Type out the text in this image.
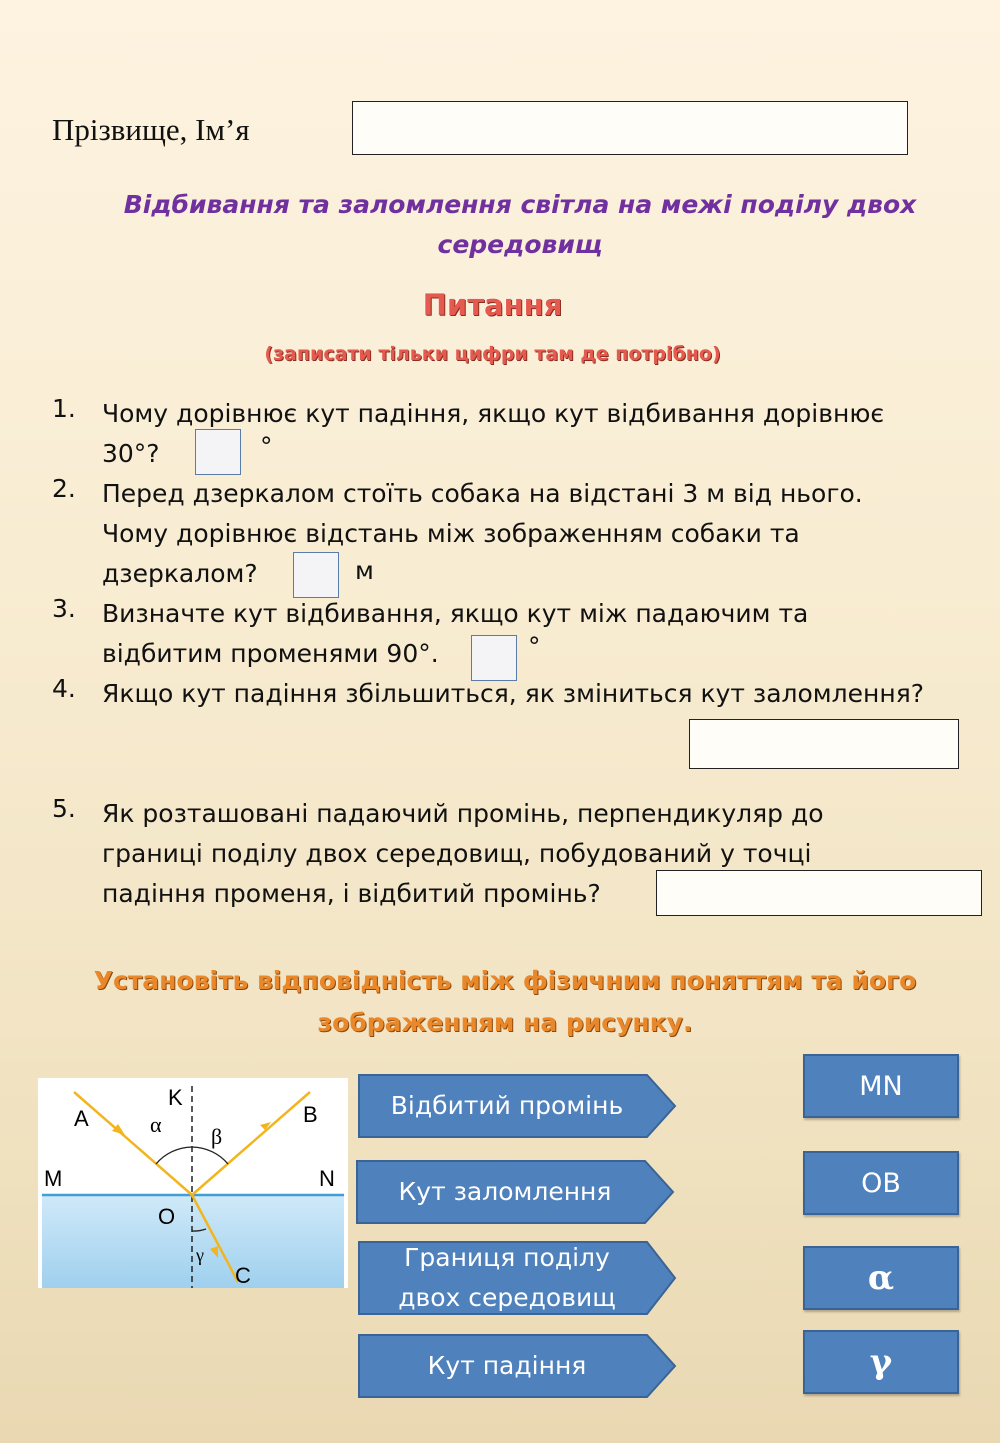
Прізвище, Ім’я
Відбивання та заломлення світла на межі поділу двох середовищ
Питання
(записати тільки цифри там де потрібно)
1.	Чому дорівнює кут падіння, якщо кут відбивання дорівнює
30°?	°
2.	Перед дзеркалом стоїть собака на відстані 3 м від нього.
Чому дорівнює відстань між зображенням собаки та
дзеркалом?	м
3.	Визначте кут відбивання, якщо кут між падаючим та
відбитим променями 90°.	°
4.	Якщо кут падіння збільшиться, як зміниться кут заломлення?
5.	Як розташовані падаючий промінь, перпендикуляр до
границі поділу двох середовищ, побудований у точці
падіння променя, і відбитий промінь?
Установіть відповідність між фізичним поняттям та його зображенням на рисунку.
A
K
B
M	N
O
C
α β
γ
Відбитий промінь
Кут заломлення
Границя поділу двох середовищ
Кут падіння
MN
OB
α
γ
